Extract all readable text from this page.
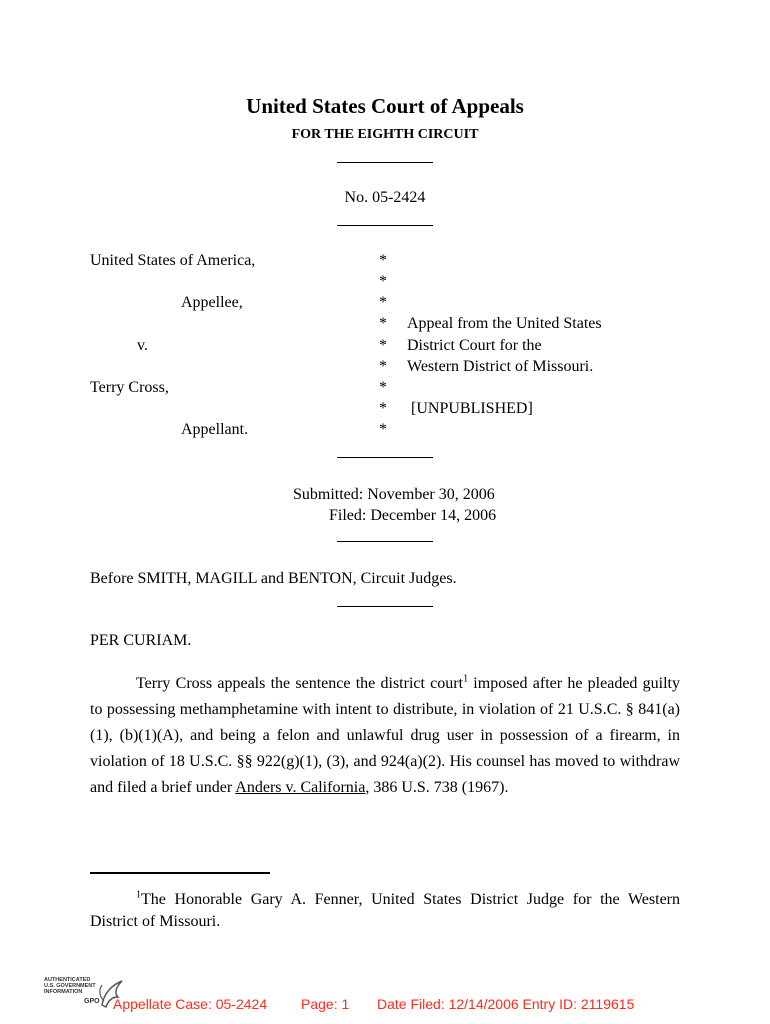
United States Court of Appeals
FOR THE EIGHTH CIRCUIT
No. 05-2424
United States of America,
Appellee,
v.
Terry Cross,
Appellant.
*
*
*
*
*
*
*
*
*
Appeal from the United States
District Court for the
Western District of Missouri.
[UNPUBLISHED]
Submitted: November 30, 2006
Filed: December 14, 2006
Before SMITH, MAGILL and BENTON, Circuit Judges.
PER CURIAM.
Terry Cross appeals the sentence the district court$^1$ imposed after he pleaded guilty to possessing methamphetamine with intent to distribute, in violation of 21 U.S.C. § 841(a)(1), (b)(1)(A), and being a felon and unlawful drug user in possession of a firearm, in violation of 18 U.S.C. §§ 922(g)(1), (3), and 924(a)(2). His counsel has moved to withdraw and filed a brief under Anders v. California, 386 U.S. 738 (1967).
$^1$The Honorable Gary A. Fenner, United States District Judge for the Western District of Missouri.
AUTHENTICATED
U.S. GOVERNMENT
INFORMATION
GPO Appellate Case: 05-2424 Page: 1 Date Filed: 12/14/2006 Entry ID: 2119615
